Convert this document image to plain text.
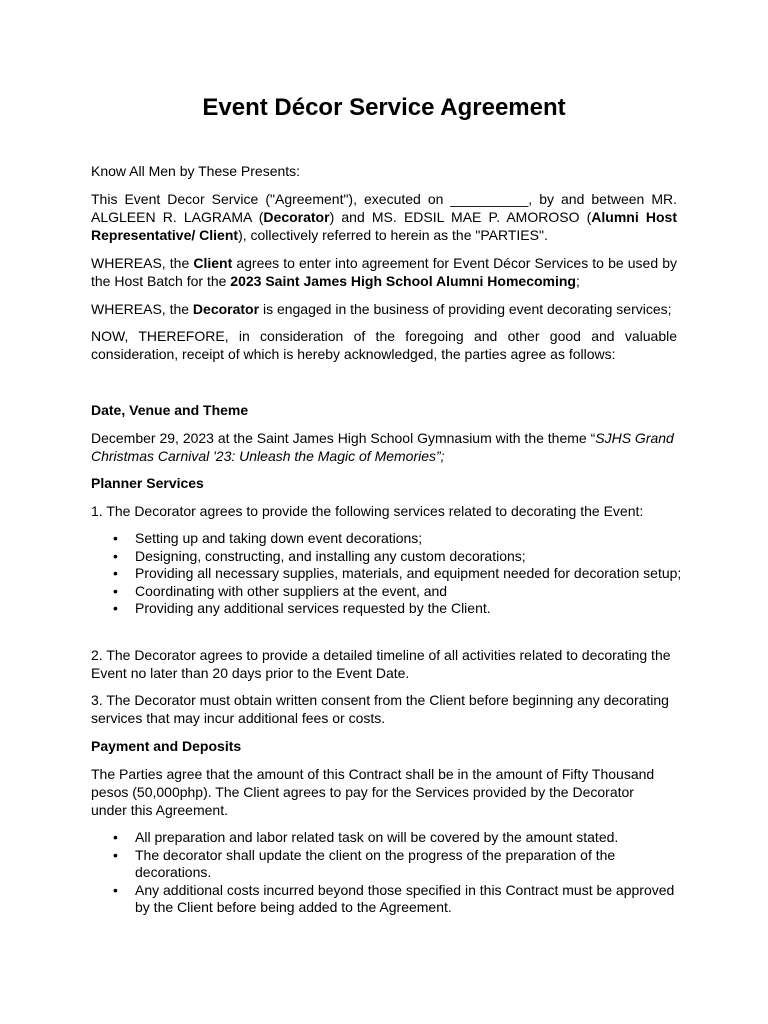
Event Décor Service Agreement

Know All Men by These Presents:

This Event Decor Service ("Agreement"), executed on __________, by and between MR. ALGLEEN R. LAGRAMA (Decorator) and MS. EDSIL MAE P. AMOROSO (Alumni Host Representative/ Client), collectively referred to herein as the "PARTIES".

WHEREAS, the Client agrees to enter into agreement for Event Décor Services to be used by the Host Batch for the 2023 Saint James High School Alumni Homecoming;

WHEREAS, the Decorator is engaged in the business of providing event decorating services;

NOW, THEREFORE, in consideration of the foregoing and other good and valuable consideration, receipt of which is hereby acknowledged, the parties agree as follows:

Date, Venue and Theme

December 29, 2023 at the Saint James High School Gymnasium with the theme “SJHS Grand Christmas Carnival '23: Unleash the Magic of Memories”;

Planner Services

1. The Decorator agrees to provide the following services related to decorating the Event:

•	Setting up and taking down event decorations;
•	Designing, constructing, and installing any custom decorations;
•	Providing all necessary supplies, materials, and equipment needed for decoration setup;
•	Coordinating with other suppliers at the event, and
•	Providing any additional services requested by the Client.

2. The Decorator agrees to provide a detailed timeline of all activities related to decorating the Event no later than 20 days prior to the Event Date.

3. The Decorator must obtain written consent from the Client before beginning any decorating services that may incur additional fees or costs.

Payment and Deposits

The Parties agree that the amount of this Contract shall be in the amount of Fifty Thousand pesos (50,000php). The Client agrees to pay for the Services provided by the Decorator under this Agreement.

•	All preparation and labor related task on will be covered by the amount stated.
•	The decorator shall update the client on the progress of the preparation of the decorations.
•	Any additional costs incurred beyond those specified in this Contract must be approved by the Client before being added to the Agreement.
